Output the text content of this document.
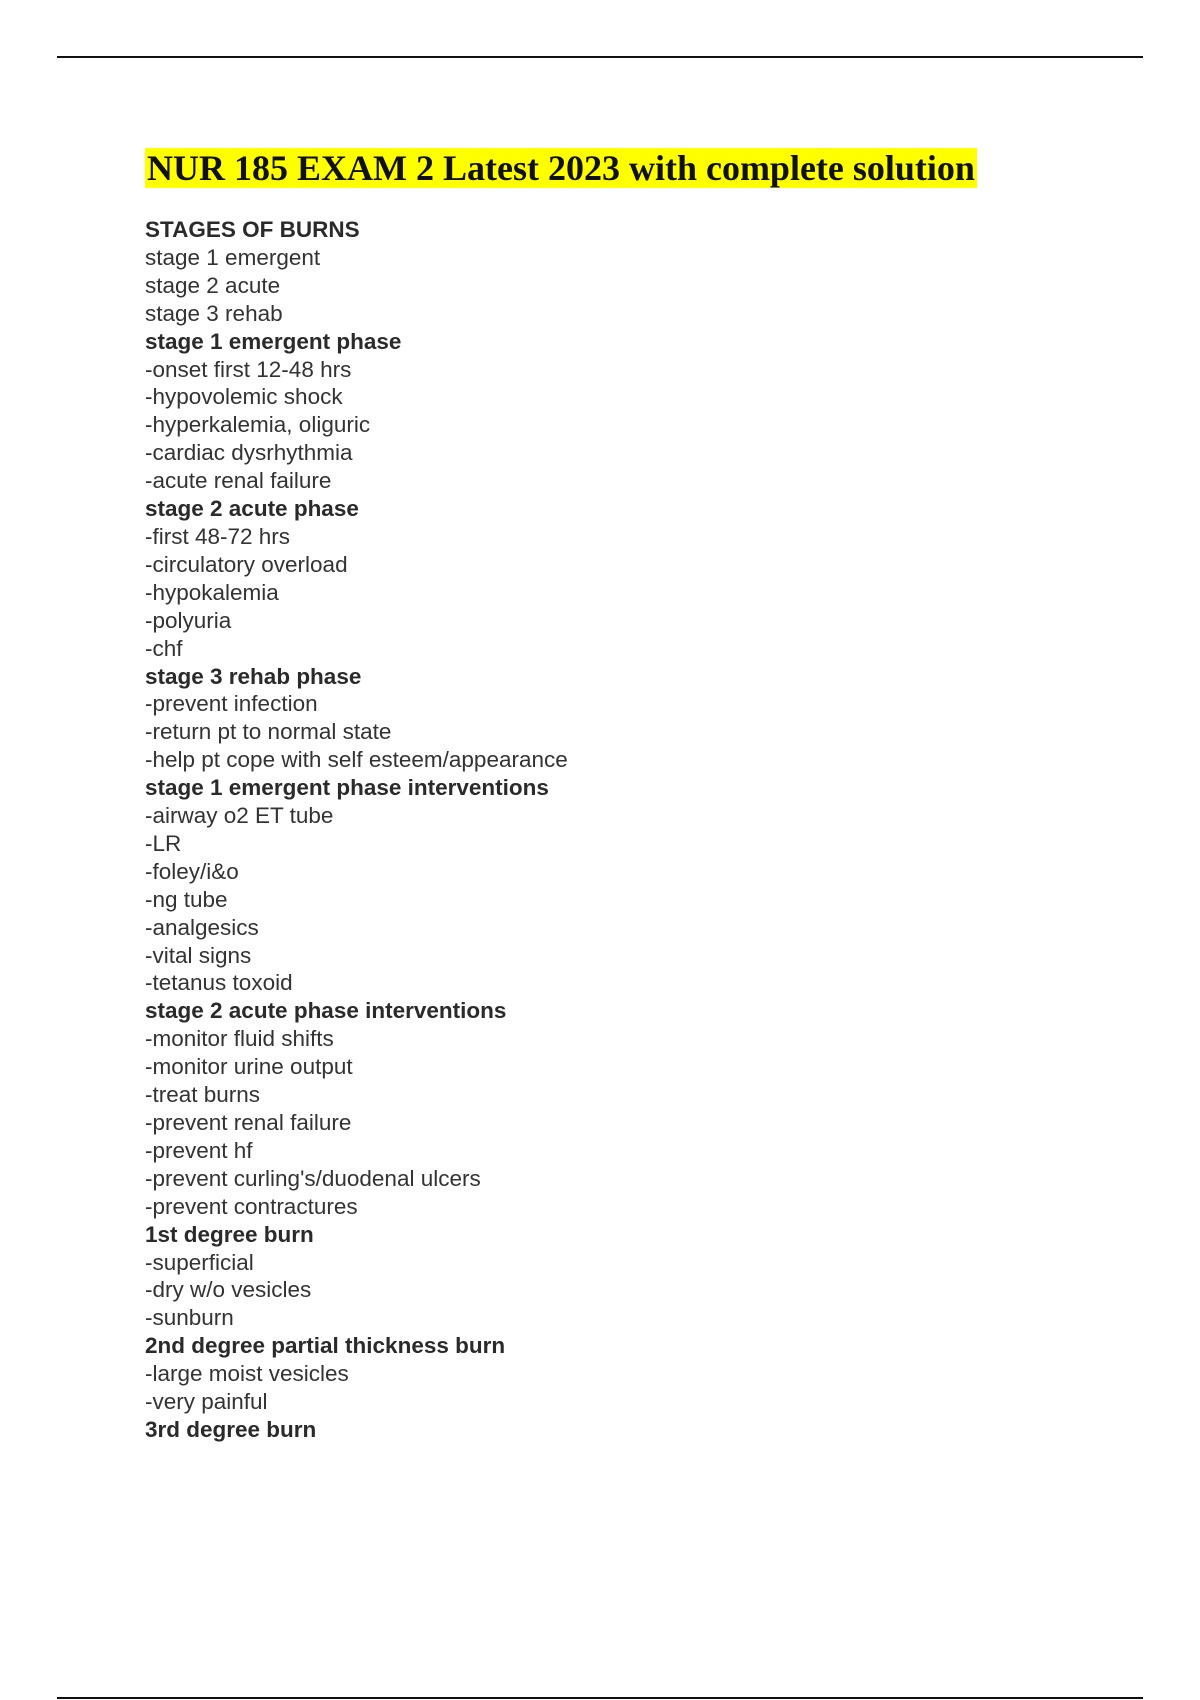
NUR 185 EXAM 2 Latest 2023 with complete solution
STAGES OF BURNS
stage 1 emergent
stage 2 acute
stage 3 rehab
stage 1 emergent phase
-onset first 12-48 hrs
-hypovolemic shock
-hyperkalemia, oliguric
-cardiac dysrhythmia
-acute renal failure
stage 2 acute phase
-first 48-72 hrs
-circulatory overload
-hypokalemia
-polyuria
-chf
stage 3 rehab phase
-prevent infection
-return pt to normal state
-help pt cope with self esteem/appearance
stage 1 emergent phase interventions
-airway o2 ET tube
-LR
-foley/i&o
-ng tube
-analgesics
-vital signs
-tetanus toxoid
stage 2 acute phase interventions
-monitor fluid shifts
-monitor urine output
-treat burns
-prevent renal failure
-prevent hf
-prevent curling's/duodenal ulcers
-prevent contractures
1st degree burn
-superficial
-dry w/o vesicles
-sunburn
2nd degree partial thickness burn
-large moist vesicles
-very painful
3rd degree burn
